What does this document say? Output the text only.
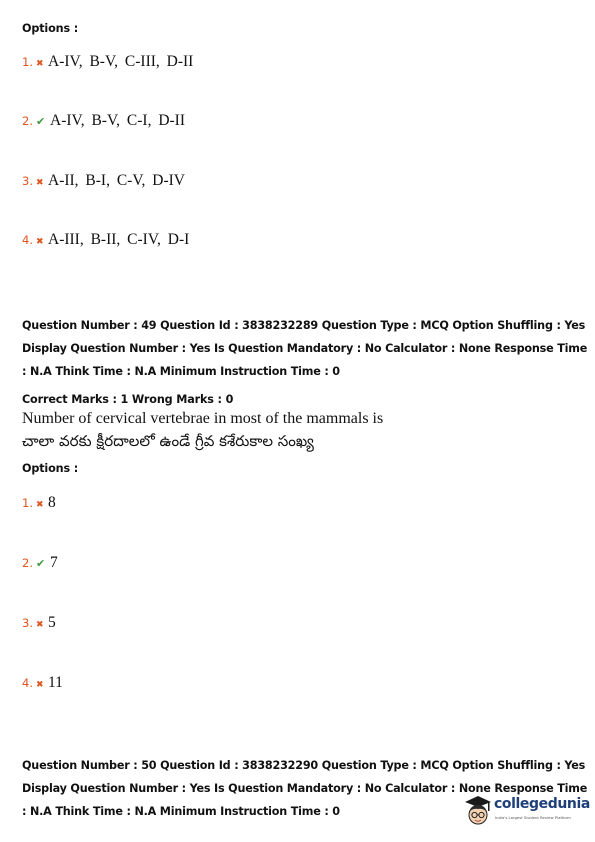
Options :
1. ✖ A-IV, B-V, C-III, D-II
2. ✔ A-IV, B-V, C-I, D-II
3. ✖ A-II, B-I, C-V, D-IV
4. ✖ A-III, B-II, C-IV, D-I
Question Number : 49 Question Id : 3838232289 Question Type : MCQ Option Shuffling : Yes
Display Question Number : Yes Is Question Mandatory : No Calculator : None Response Time
: N.A Think Time : N.A Minimum Instruction Time : 0
Correct Marks : 1 Wrong Marks : 0
Number of cervical vertebrae in most of the mammals is
చాలా వరకు క్షీరదాలలో ఉండే గ్రీవ కశేరుకాల సంఖ్య
Options :
1. ✖ 8
2. ✔ 7
3. ✖ 5
4. ✖ 11
Question Number : 50 Question Id : 3838232290 Question Type : MCQ Option Shuffling : Yes
Display Question Number : Yes Is Question Mandatory : No Calculator : None Response Time
: N.A Think Time : N.A Minimum Instruction Time : 0	collegedunia
India's Largest Student Review Platform
